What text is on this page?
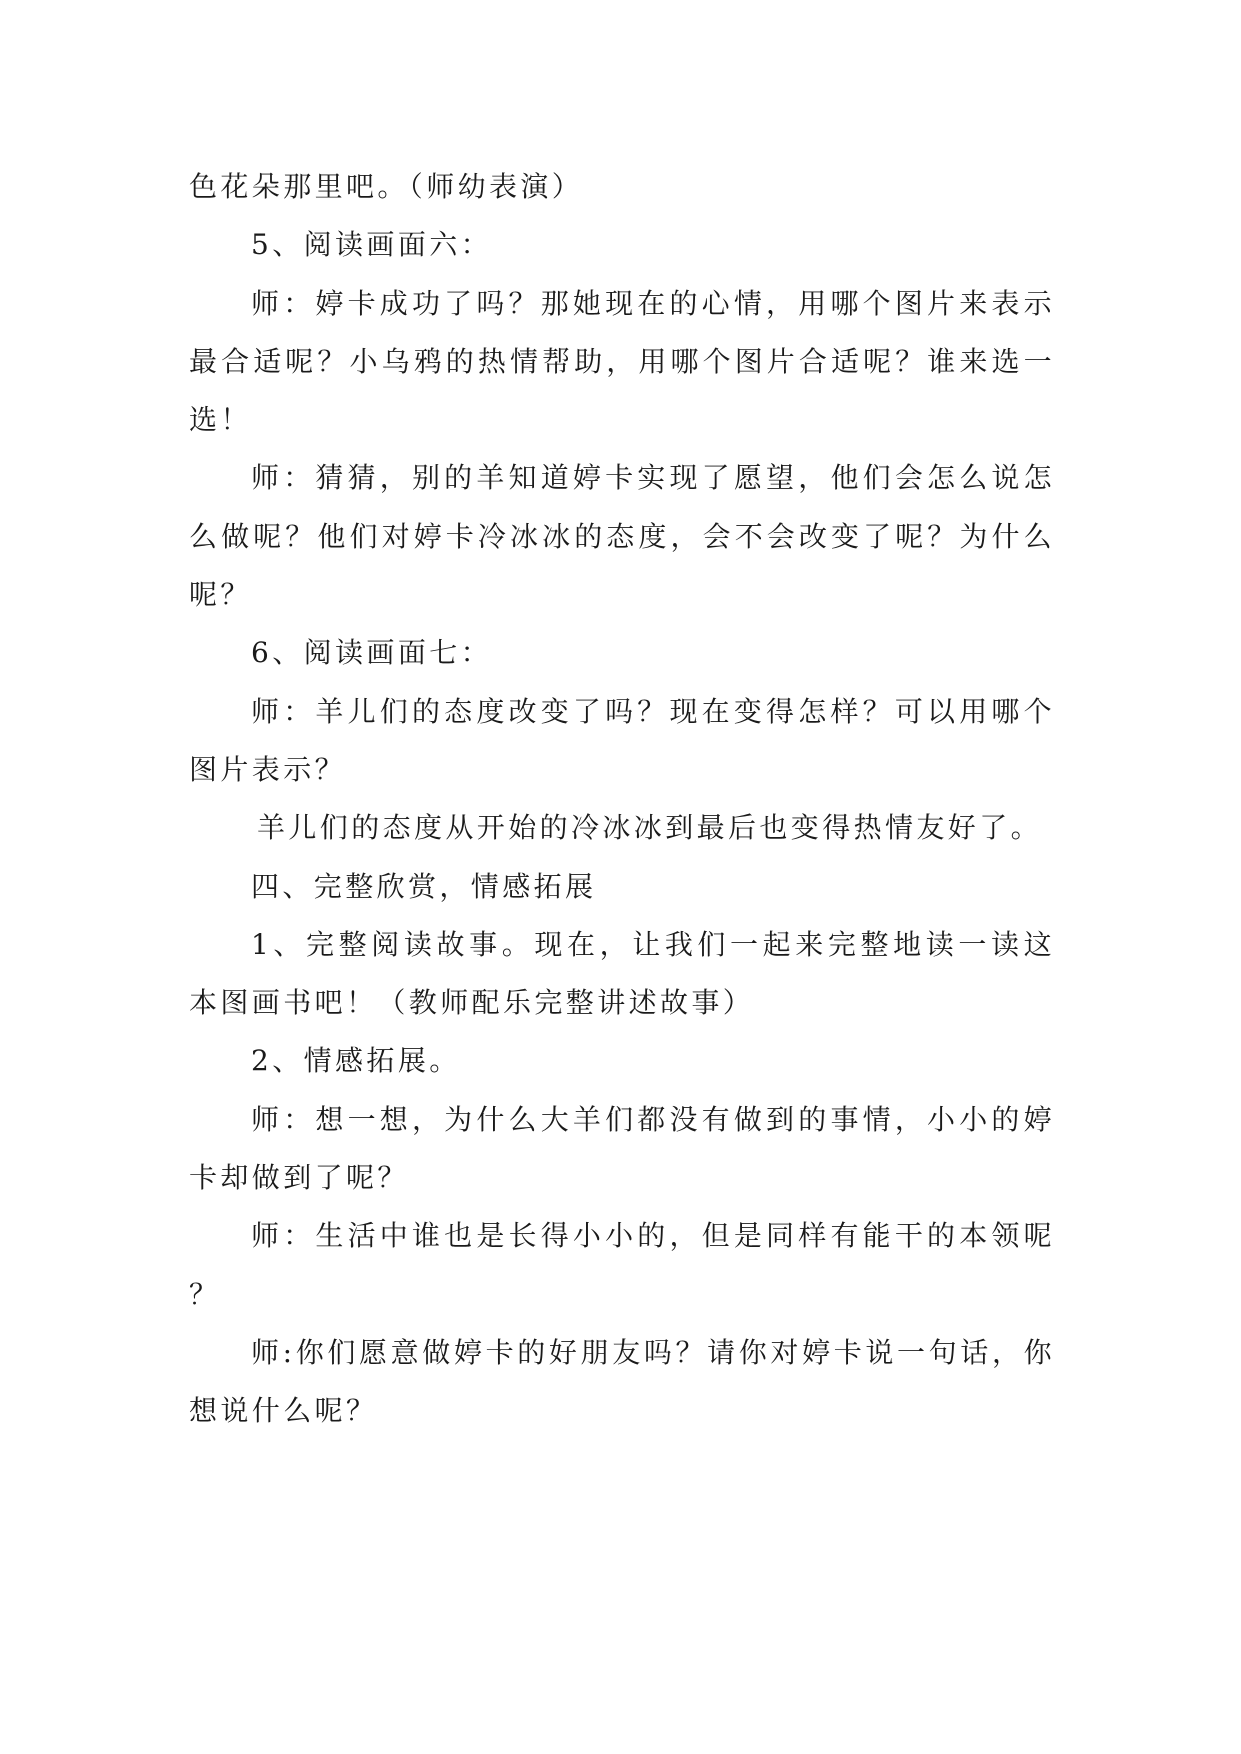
色花朵那里吧。（师幼表演）

5、阅读画面六：

师：婷卡成功了吗？那她现在的心情，用哪个图片来表示最合适呢？小乌鸦的热情帮助，用哪个图片合适呢？谁来选一选！

师：猜猜，别的羊知道婷卡实现了愿望，他们会怎么说怎么做呢？他们对婷卡冷冰冰的态度，会不会改变了呢？为什么呢？

6、阅读画面七：

师：羊儿们的态度改变了吗？现在变得怎样？可以用哪个图片表示？

羊儿们的态度从开始的冷冰冰到最后也变得热情友好了。

四、完整欣赏，情感拓展

1、完整阅读故事。现在，让我们一起来完整地读一读这本图画书吧！（教师配乐完整讲述故事）

2、情感拓展。

师：想一想，为什么大羊们都没有做到的事情，小小的婷卡却做到了呢？

师：生活中谁也是长得小小的，但是同样有能干的本领呢？

师:你们愿意做婷卡的好朋友吗？请你对婷卡说一句话，你想说什么呢？
